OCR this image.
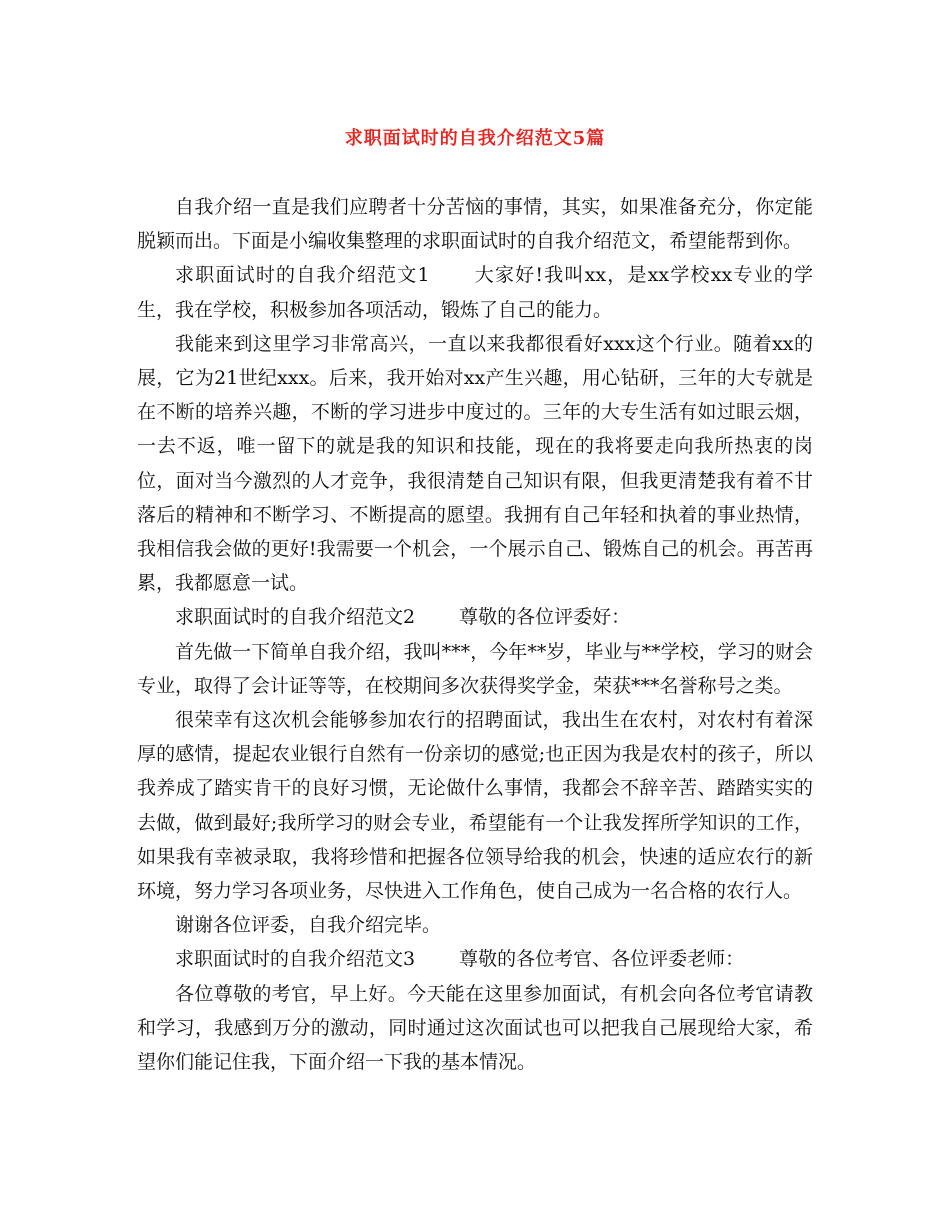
求职面试时的自我介绍范文5篇

自我介绍一直是我们应聘者十分苦恼的事情，其实，如果准备充分，你定能脱颖而出。下面是小编收集整理的求职面试时的自我介绍范文，希望能帮到你。

求职面试时的自我介绍范文1 大家好!我叫xx，是xx学校xx专业的学生，我在学校，积极参加各项活动，锻炼了自己的能力。

我能来到这里学习非常高兴，一直以来我都很看好xxx这个行业。随着xx的展，它为21世纪xxx。后来，我开始对xx产生兴趣，用心钻研，三年的大专就是在不断的培养兴趣，不断的学习进步中度过的。三年的大专生活有如过眼云烟，一去不返，唯一留下的就是我的知识和技能，现在的我将要走向我所热衷的岗位，面对当今激烈的人才竞争，我很清楚自己知识有限，但我更清楚我有着不甘落后的精神和不断学习、不断提高的愿望。我拥有自己年轻和执着的事业热情，我相信我会做的更好!我需要一个机会，一个展示自己、锻炼自己的机会。再苦再累，我都愿意一试。

求职面试时的自我介绍范文2 尊敬的各位评委好：

首先做一下简单自我介绍，我叫***，今年**岁，毕业与**学校，学习的财会专业，取得了会计证等等，在校期间多次获得奖学金，荣获***名誉称号之类。

很荣幸有这次机会能够参加农行的招聘面试，我出生在农村，对农村有着深厚的感情，提起农业银行自然有一份亲切的感觉;也正因为我是农村的孩子，所以我养成了踏实肯干的良好习惯，无论做什么事情，我都会不辞辛苦、踏踏实实的去做，做到最好;我所学习的财会专业，希望能有一个让我发挥所学知识的工作，如果我有幸被录取，我将珍惜和把握各位领导给我的机会，快速的适应农行的新环境，努力学习各项业务，尽快进入工作角色，使自己成为一名合格的农行人。

谢谢各位评委，自我介绍完毕。

求职面试时的自我介绍范文3 尊敬的各位考官、各位评委老师：

各位尊敬的考官，早上好。今天能在这里参加面试，有机会向各位考官请教和学习，我感到万分的激动，同时通过这次面试也可以把我自己展现给大家，希望你们能记住我，下面介绍一下我的基本情况。
